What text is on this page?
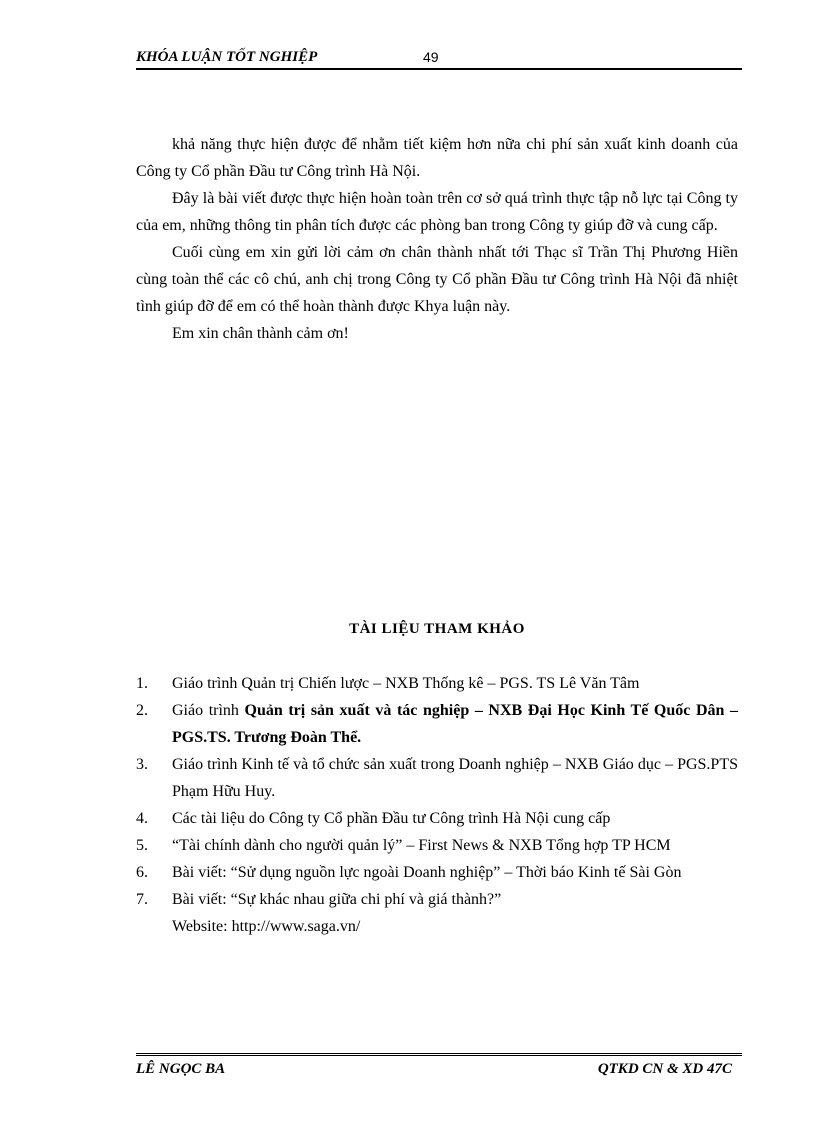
KHÓA LUẬN TỐT NGHIỆP	49

khả năng thực hiện được để nhằm tiết kiệm hơn nữa chi phí sản xuất kinh doanh của Công ty Cổ phần Đầu tư Công trình Hà Nội.

Đây là bài viết được thực hiện hoàn toàn trên cơ sở quá trình thực tập nỗ lực tại Công ty của em, những thông tin phân tích được các phòng ban trong Công ty giúp đỡ và cung cấp.

Cuối cùng em xin gửi lời cảm ơn chân thành nhất tới Thạc sĩ Trần Thị Phương Hiền cùng toàn thể các cô chú, anh chị trong Công ty Cổ phần Đầu tư Công trình Hà Nội đã nhiệt tình giúp đỡ để em có thể hoàn thành được Khya luận này.

Em xin chân thành cảm ơn!

TÀI LIỆU THAM KHẢO
1. Giáo trình Quản trị Chiến lược – NXB Thống kê – PGS. TS Lê Văn Tâm
2. Giáo trình Quản trị sản xuất và tác nghiệp – NXB Đại Học Kinh Tế Quốc Dân – PGS.TS. Trương Đoàn Thể.
3. Giáo trình Kinh tế và tổ chức sản xuất trong Doanh nghiệp – NXB Giáo dục – PGS.PTS Phạm Hữu Huy.
4. Các tài liệu do Công ty Cổ phần Đầu tư Công trình Hà Nội cung cấp
5. “Tài chính dành cho người quản lý” – First News & NXB Tổng hợp TP HCM
6. Bài viết: “Sử dụng nguồn lực ngoài Doanh nghiệp” – Thời báo Kinh tế Sài Gòn
7. Bài viết: “Sự khác nhau giữa chi phí và giá thành?”
Website: http://www.saga.vn/
LÊ NGỌC BA	QTKD CN & XD 47C
